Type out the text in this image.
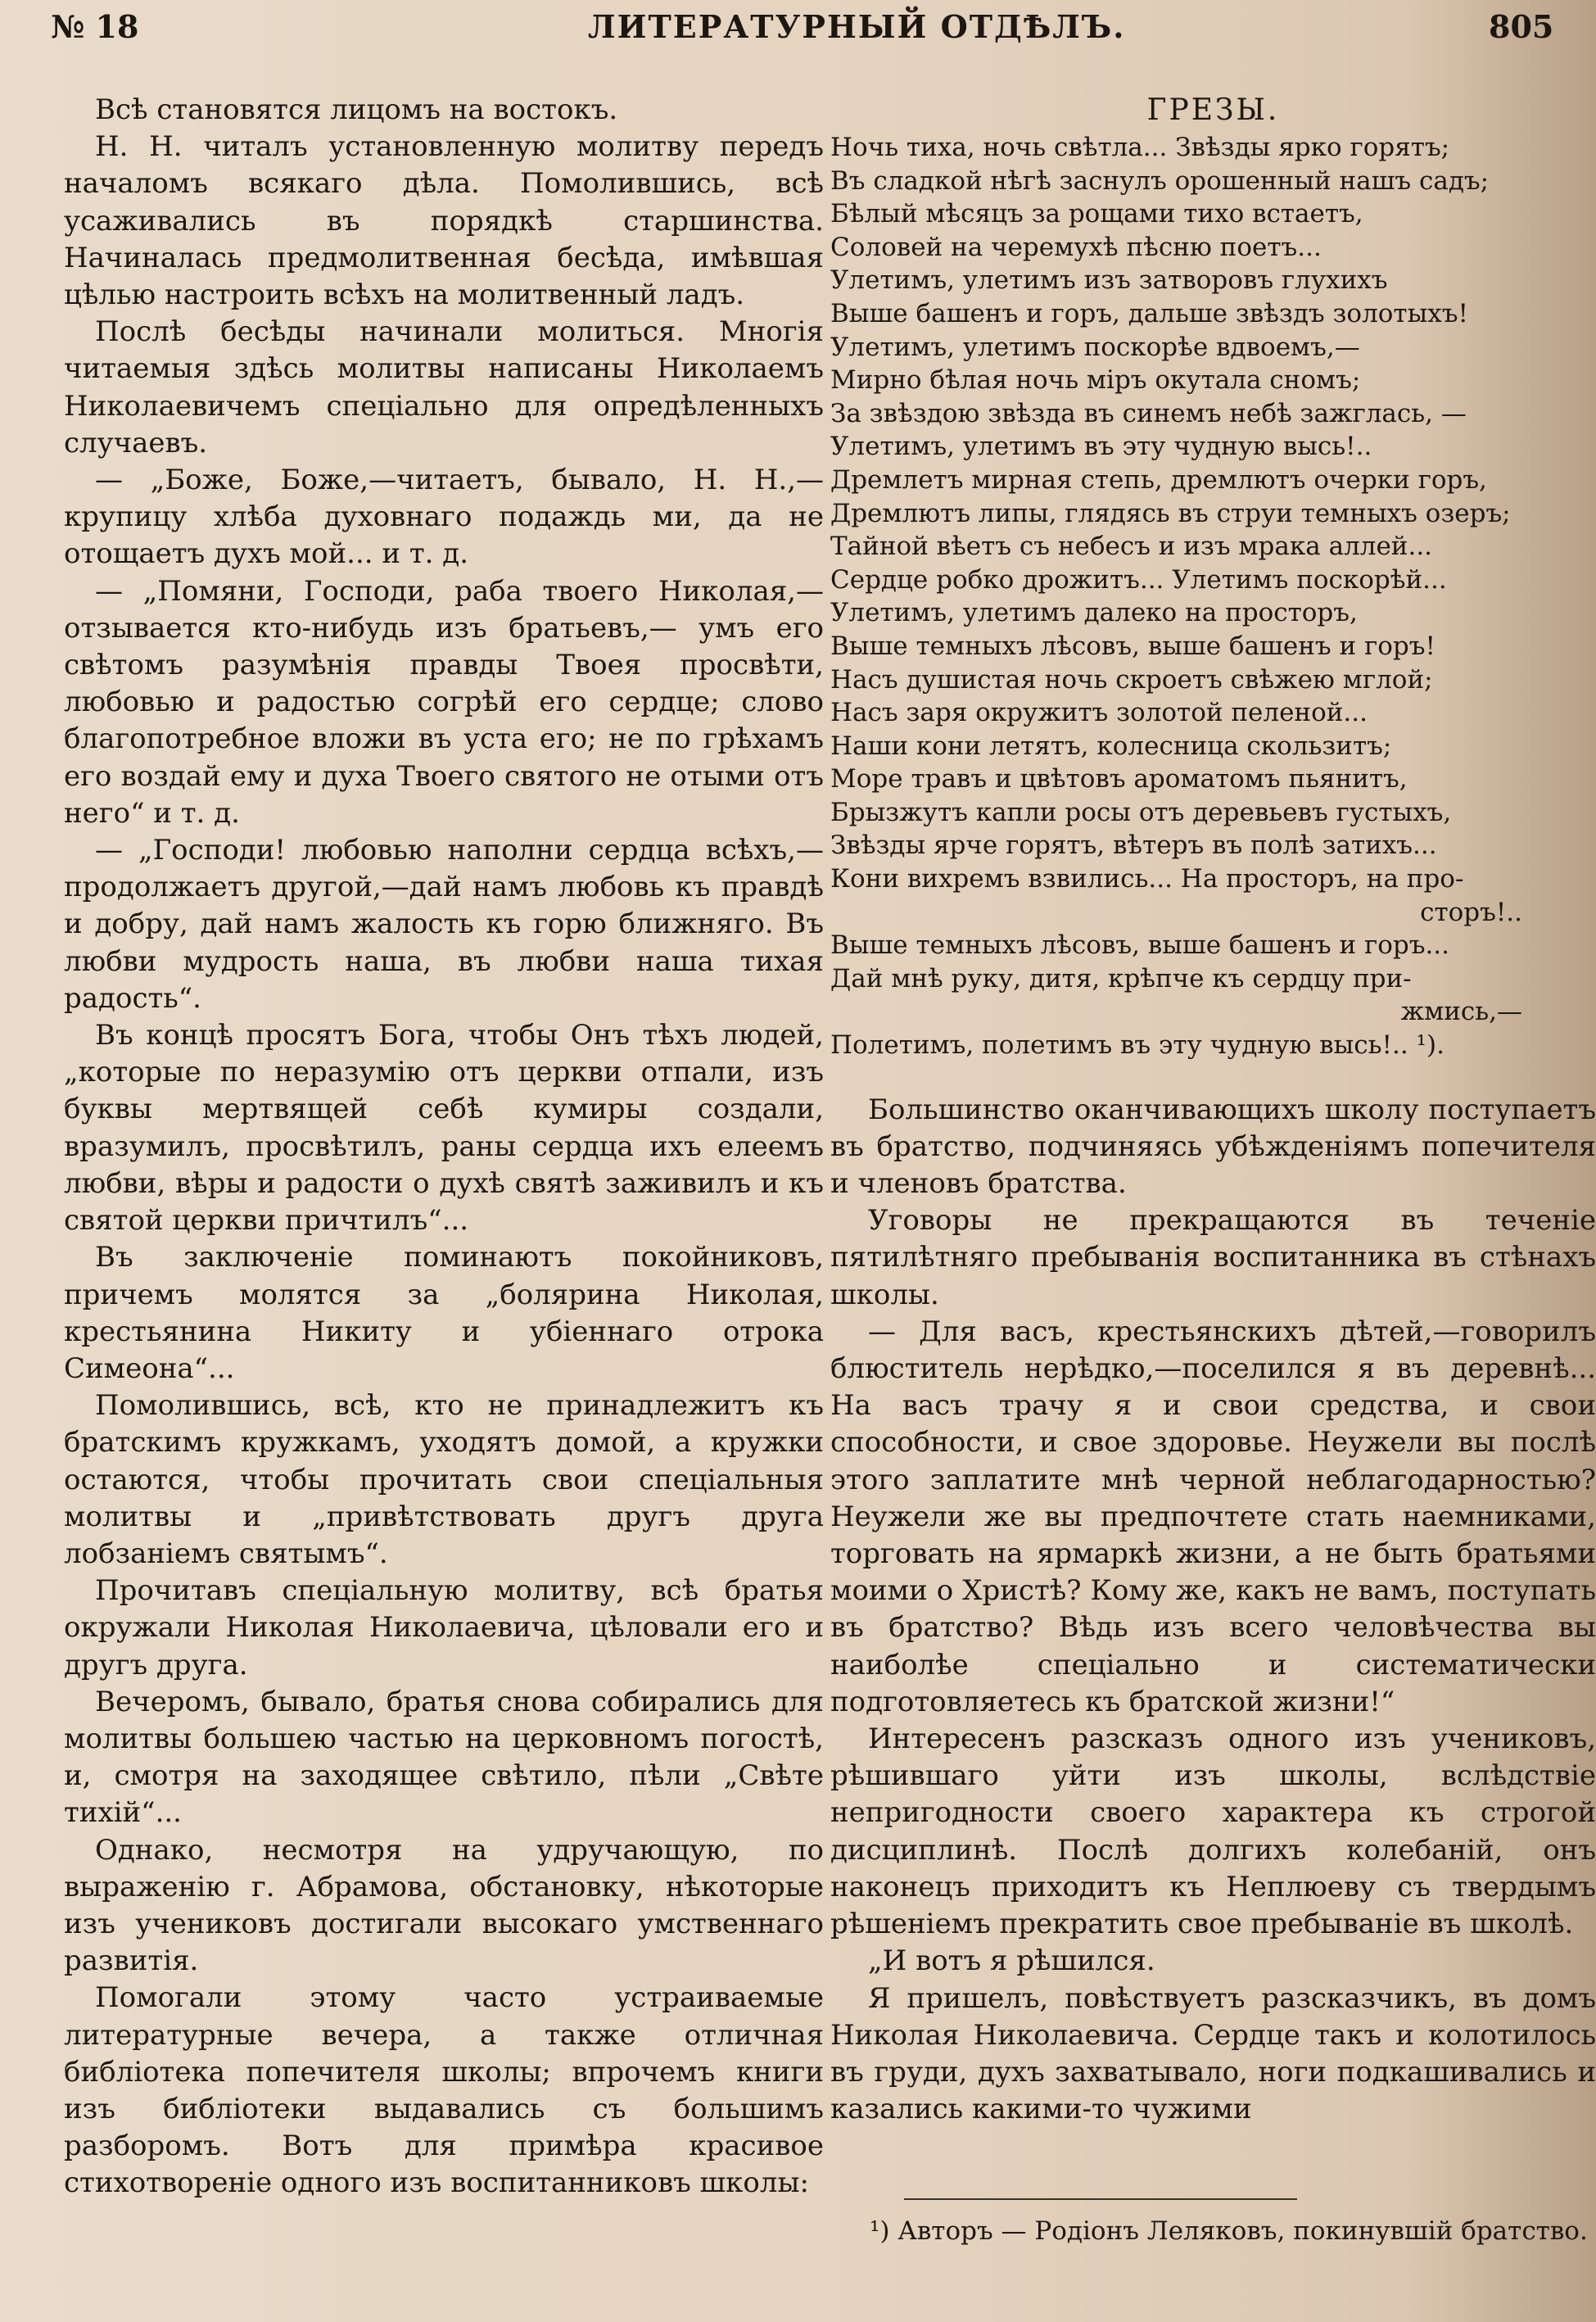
№ 18	ЛИТЕРАТУРНЫЙ ОТДѢЛЪ.	805

Всѣ становятся лицомъ на востокъ.

Н. Н. читалъ установленную молитву передъ началомъ всякаго дѣла. Помолившись, всѣ усаживались въ порядкѣ старшинства. Начиналась предмолитвенная бесѣда, имѣвшая цѣлью настроить всѣхъ на молитвенный ладъ.

Послѣ бесѣды начинали молиться. Многія читаемыя здѣсь молитвы написаны Николаемъ Николаевичемъ спеціально для опредѣленныхъ случаевъ.

— „Боже, Боже,—читаетъ, бывало, Н. Н.,— крупицу хлѣба духовнаго подаждь ми, да не отощаетъ духъ мой... и т. д.

— „Помяни, Господи, раба твоего Николая,—отзывается кто-нибудь изъ братьевъ,— умъ его свѣтомъ разумѣнія правды Твоея просвѣти, любовью и радостью согрѣй его сердце; слово благопотребное вложи въ уста его; не по грѣхамъ его воздай ему и духа Твоего святого не отыми отъ него“ и т. д.

— „Господи! любовью наполни сердца всѣхъ,—продолжаетъ другой,—дай намъ любовь къ правдѣ и добру, дай намъ жалость къ горю ближняго. Въ любви мудрость наша, въ любви наша тихая радость“.

Въ концѣ просятъ Бога, чтобы Онъ тѣхъ людей, „которые по неразумію отъ церкви отпали, изъ буквы мертвящей себѣ кумиры создали, вразумилъ, просвѣтилъ, раны сердца ихъ елеемъ любви, вѣры и радости о духѣ святѣ заживилъ и къ святой церкви причтилъ“...

Въ заключеніе поминаютъ покойниковъ, причемъ молятся за „болярина Николая, крестьянина Никиту и убіеннаго отрока Симеона“...

Помолившись, всѣ, кто не принадлежитъ къ братскимъ кружкамъ, уходятъ домой, а кружки остаются, чтобы прочитать свои спеціальныя молитвы и „привѣтствовать другъ друга лобзаніемъ святымъ“.

Прочитавъ спеціальную молитву, всѣ братья окружали Николая Николаевича, цѣловали его и другъ друга.

Вечеромъ, бывало, братья снова собирались для молитвы большею частью на церковномъ погостѣ, и, смотря на заходящее свѣтило, пѣли „Свѣте тихій“...

Однако, несмотря на удручающую, по выраженію г. Абрамова, обстановку, нѣкоторые изъ учениковъ достигали высокаго умственнаго развитія.

Помогали этому часто устраиваемые литературные вечера, а также отличная библіотека попечителя школы; впрочемъ книги изъ библіотеки выдавались съ большимъ разборомъ. Вотъ для примѣра красивое стихотвореніе одного изъ воспитанниковъ школы:

ГРЕЗЫ.
Ночь тиха, ночь свѣтла... Звѣзды ярко горятъ;
Въ сладкой нѣгѣ заснулъ орошенный нашъ садъ;
Бѣлый мѣсяцъ за рощами тихо встаетъ,
Соловей на черемухѣ пѣсню поетъ...
Улетимъ, улетимъ изъ затворовъ глухихъ
Выше башенъ и горъ, дальше звѣздъ золотыхъ!
Улетимъ, улетимъ поскорѣе вдвоемъ,—
Мирно бѣлая ночь міръ окутала сномъ;
За звѣздою звѣзда въ синемъ небѣ зажглась, —
Улетимъ, улетимъ въ эту чудную высь!..
Дремлетъ мирная степь, дремлютъ очерки горъ,
Дремлютъ липы, глядясь въ струи темныхъ озеръ;
Тайной вѣетъ съ небесъ и изъ мрака аллей...
Сердце робко дрожитъ... Улетимъ поскорѣй...
Улетимъ, улетимъ далеко на просторъ,
Выше темныхъ лѣсовъ, выше башенъ и горъ!
Насъ душистая ночь скроетъ свѣжею мглой;
Насъ заря окружитъ золотой пеленой...
Наши кони летятъ, колесница скользитъ;
Море травъ и цвѣтовъ ароматомъ пьянитъ,
Брызжутъ капли росы отъ деревьевъ густыхъ,
Звѣзды ярче горятъ, вѣтеръ въ полѣ затихъ...
Кони вихремъ взвились... На просторъ, на про-
сторъ!..
Выше темныхъ лѣсовъ, выше башенъ и горъ...
Дай мнѣ руку, дитя, крѣпче къ сердцу при-
жмись,—
Полетимъ, полетимъ въ эту чудную высь!.. ¹).

Большинство оканчивающихъ школу поступаетъ въ братство, подчиняясь убѣжденіямъ попечителя и членовъ братства.

Уговоры не прекращаются въ теченіе пятилѣтняго пребыванія воспитанника въ стѣнахъ школы.

— Для васъ, крестьянскихъ дѣтей,—говорилъ блюститель нерѣдко,—поселился я въ деревнѣ... На васъ трачу я и свои средства, и свои способности, и свое здоровье. Неужели вы послѣ этого заплатите мнѣ черной неблагодарностью? Неужели же вы предпочтете стать наемниками, торговать на ярмаркѣ жизни, а не быть братьями моими о Христѣ? Кому же, какъ не вамъ, поступать въ братство? Вѣдь изъ всего человѣчества вы наиболѣе спеціально и систематически подготовляетесь къ братской жизни!“

Интересенъ разсказъ одного изъ учениковъ, рѣшившаго уйти изъ школы, вслѣдствіе непригодности своего характера къ строгой дисциплинѣ. Послѣ долгихъ колебаній, онъ наконецъ приходитъ къ Неплюеву съ твердымъ рѣшеніемъ прекратить свое пребываніе въ школѣ.

„И вотъ я рѣшился.

Я пришелъ, повѣствуетъ разсказчикъ, въ домъ Николая Николаевича. Сердце такъ и колотилось въ груди, духъ захватывало, ноги подкашивались и казались какими-то чужими

¹) Авторъ — Родіонъ Леляковъ, покинувшій братство.
